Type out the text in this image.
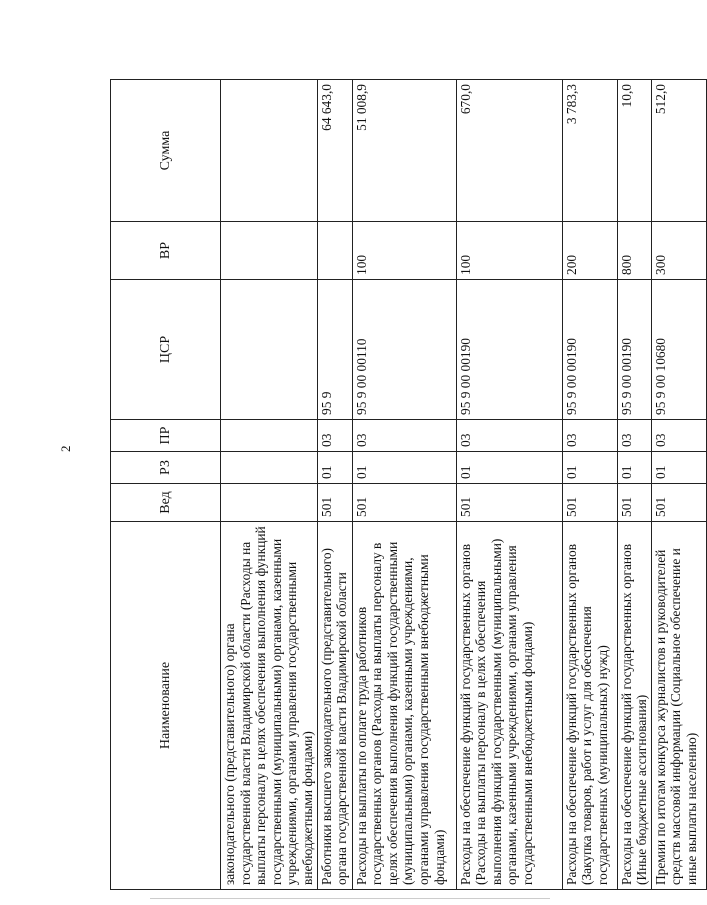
2
Наименование	Вед	РЗ	ПР	ЦСР	ВР	Сумма
законодательного (представительного) органа государственной власти Владимирской области (Расходы на выплаты персоналу в целях обеспечения выполнения функций государственными (муниципальными) органами, казенными учреждениями, органами управления государственными внебюджетными фондами)						
Работники высшего законодательного (представительного) органа государственной власти Владимирской области	501	01	03	95 9		64 643,0
Расходы на выплаты по оплате труда работников государственных органов (Расходы на выплаты персоналу в целях обеспечения выполнения функций государственными (муниципальными) органами, казенными учреждениями, органами управления государственными внебюджетными фондами)	501	01	03	95 9 00 00110	100	51 008,9
Расходы на обеспечение функций государственных органов (Расходы на выплаты персоналу в целях обеспечения выполнения функций государственными (муниципальными) органами, казенными учреждениями, органами управления государственными внебюджетными фондами)	501	01	03	95 9 00 00190	100	670,0
Расходы на обеспечение функций государственных органов (Закупка товаров, работ и услуг для обеспечения государственных (муниципальных) нужд)	501	01	03	95 9 00 00190	200	3 783,3
Расходы на обеспечение функций государственных органов (Иные бюджетные ассигнования)	501	01	03	95 9 00 00190	800	10,0
Премии по итогам конкурса журналистов и руководителей средств массовой информации (Социальное обеспечение и иные выплаты населению)	501	01	03	95 9 00 10680	300	512,0
